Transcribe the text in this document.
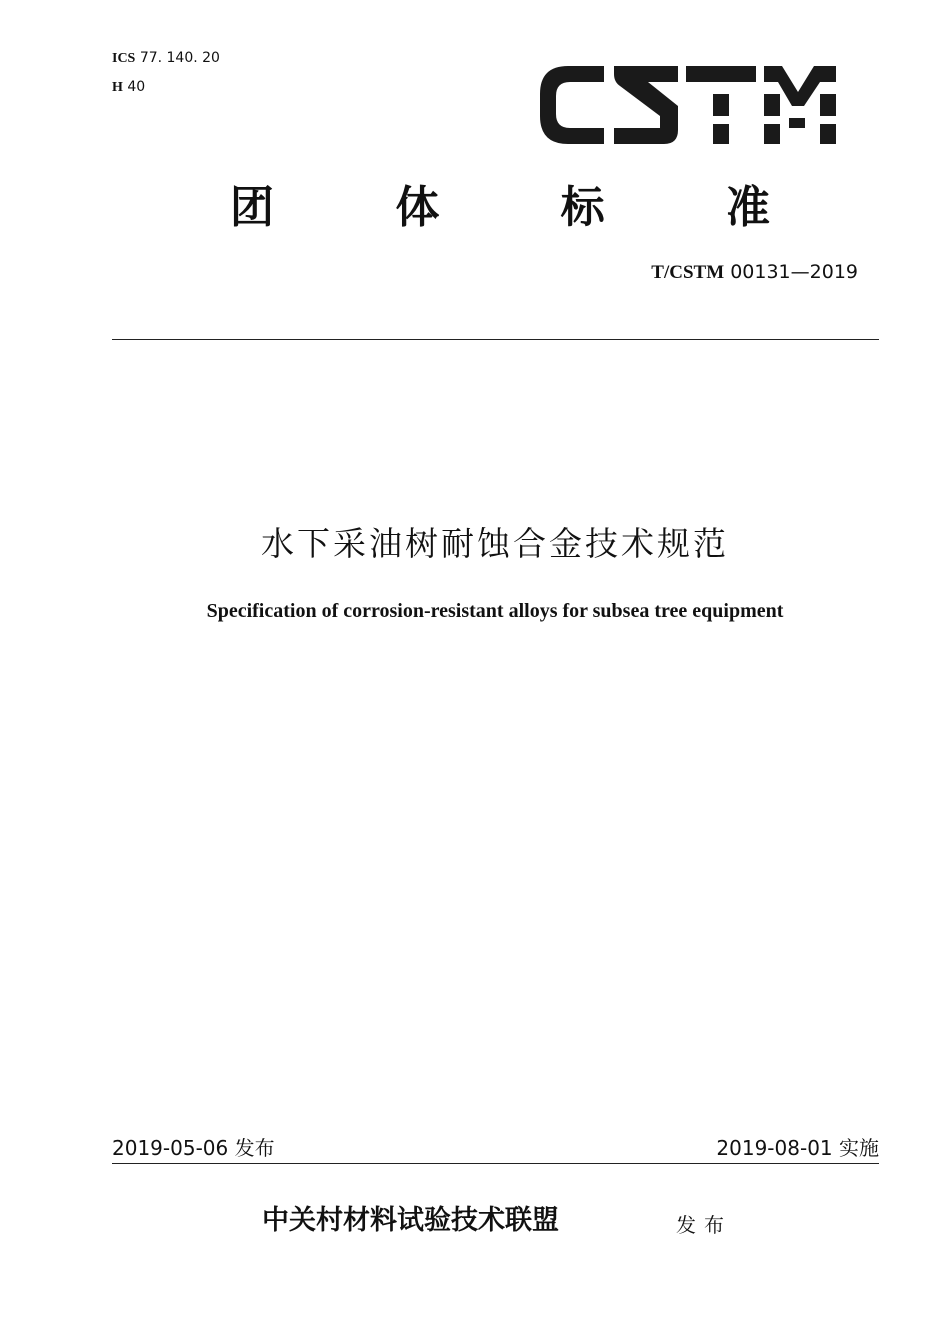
ICS 77. 140. 20
H 40
团	体	标	准
T/CSTM 00131—2019
水下采油树耐蚀合金技术规范
Specification of corrosion-resistant alloys for subsea tree equipment
2019-05-06 发布	2019-08-01 实施
中关村材料试验技术联盟	发布
